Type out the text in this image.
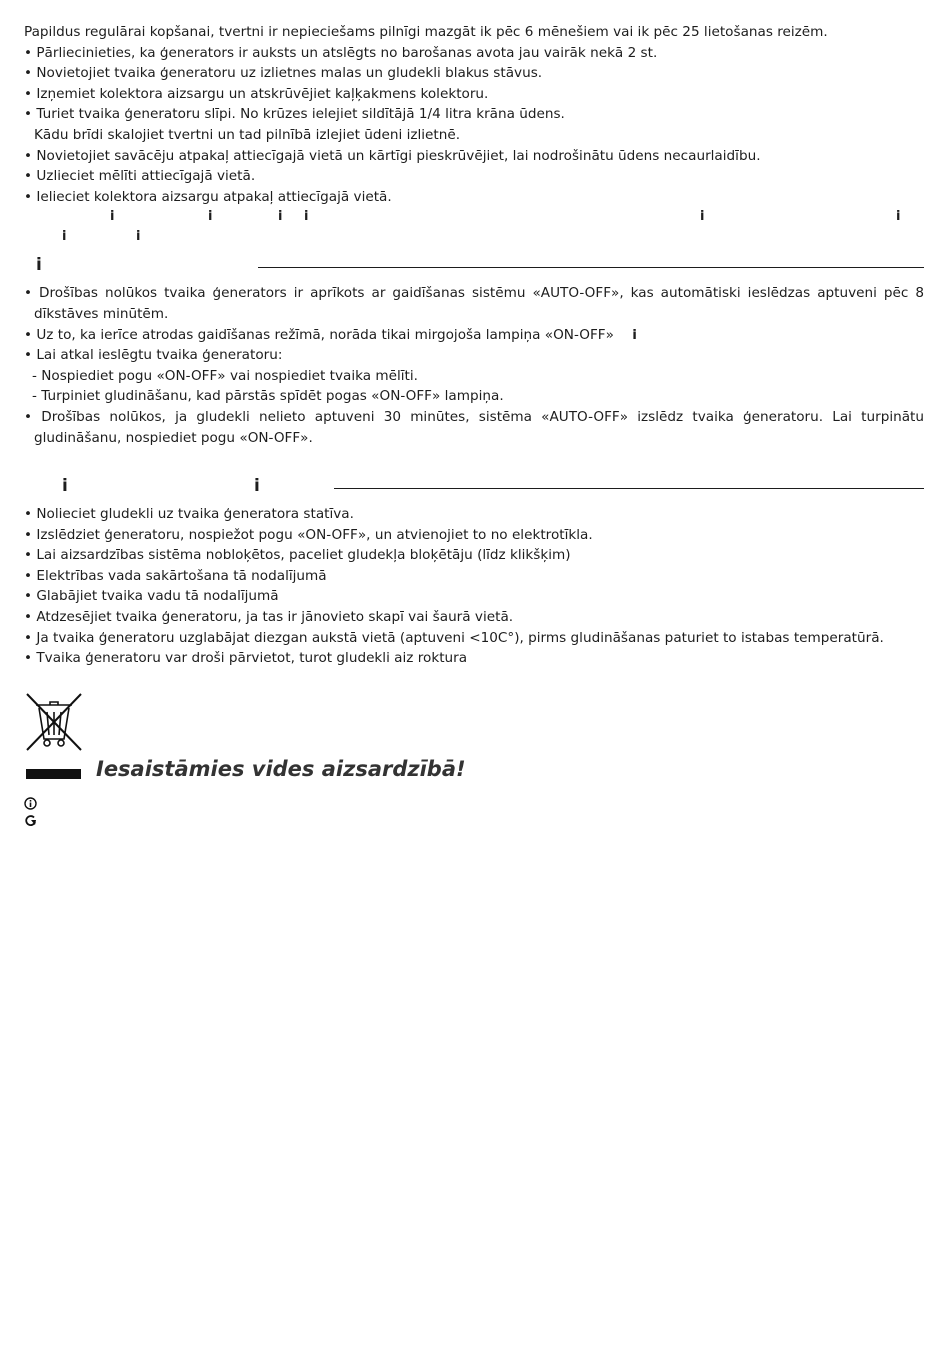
Papildus regulārai kopšanai, tvertni ir nepieciešams pilnīgi mazgāt ik pēc 6 mēnešiem vai ik pēc 25 lietošanas reizēm.

• Pārliecinieties, ka ģenerators ir auksts un atslēgts no barošanas avota jau vairāk nekā 2 st.

• Novietojiet tvaika ģeneratoru uz izlietnes malas un gludekli blakus stāvus.

• Izņemiet kolektora aizsargu un atskrūvējiet kaļķakmens kolektoru.

• Turiet tvaika ģeneratoru slīpi. No krūzes ielejiet sildītājā 1/4 litra krāna ūdens.

Kādu brīdi skalojiet tvertni un tad pilnībā izlejiet ūdeni izlietnē.

• Novietojiet savācēju atpakaļ attiecīgajā vietā un kārtīgi pieskrūvējiet, lai nodrošinātu ūdens necaurlaidību.

• Uzlieciet mēlīti attiecīgajā vietā.

• Ielieciet kolektora aizsargu atpakaļ attiecīgajā vietā.

i	i	i i	i	i
i	i
i

• Drošības nolūkos tvaika ģenerators ir aprīkots ar gaidīšanas sistēmu «AUTO-OFF», kas automātiski ieslēdzas aptuveni pēc 8 dīkstāves minūtēm.

• Uz to, ka ierīce atrodas gaidīšanas režīmā, norāda tikai mirgojoša lampiņa «ON-OFF» i

• Lai atkal ieslēgtu tvaika ģeneratoru:

- Nospiediet pogu «ON-OFF» vai nospiediet tvaika mēlīti.

- Turpiniet gludināšanu, kad pārstās spīdēt pogas «ON-OFF» lampiņa.

• Drošības nolūkos, ja gludekli nelieto aptuveni 30 minūtes, sistēma «AUTO-OFF» izslēdz tvaika ģeneratoru. Lai turpinātu gludināšanu, nospiediet pogu «ON-OFF».

i	i

• Nolieciet gludekli uz tvaika ģeneratora statīva.

• Izslēdziet ģeneratoru, nospiežot pogu «ON-OFF», un atvienojiet to no elektrotīkla.

• Lai aizsardzības sistēma nobloķētos, paceliet gludekļa bloķētāju (līdz klikšķim)

• Elektrības vada sakārtošana tā nodalījumā

• Glabājiet tvaika vadu tā nodalījumā

• Atdzesējiet tvaika ģeneratoru, ja tas ir jānovieto skapī vai šaurā vietā.

• Ja tvaika ģeneratoru uzglabājat diezgan aukstā vietā (aptuveni <10C°), pirms gludināšanas paturiet to istabas temperatūrā.

• Tvaika ģeneratoru var droši pārvietot, turot gludekli aiz roktura

Iesaistāmies vides aizsardzībā!
